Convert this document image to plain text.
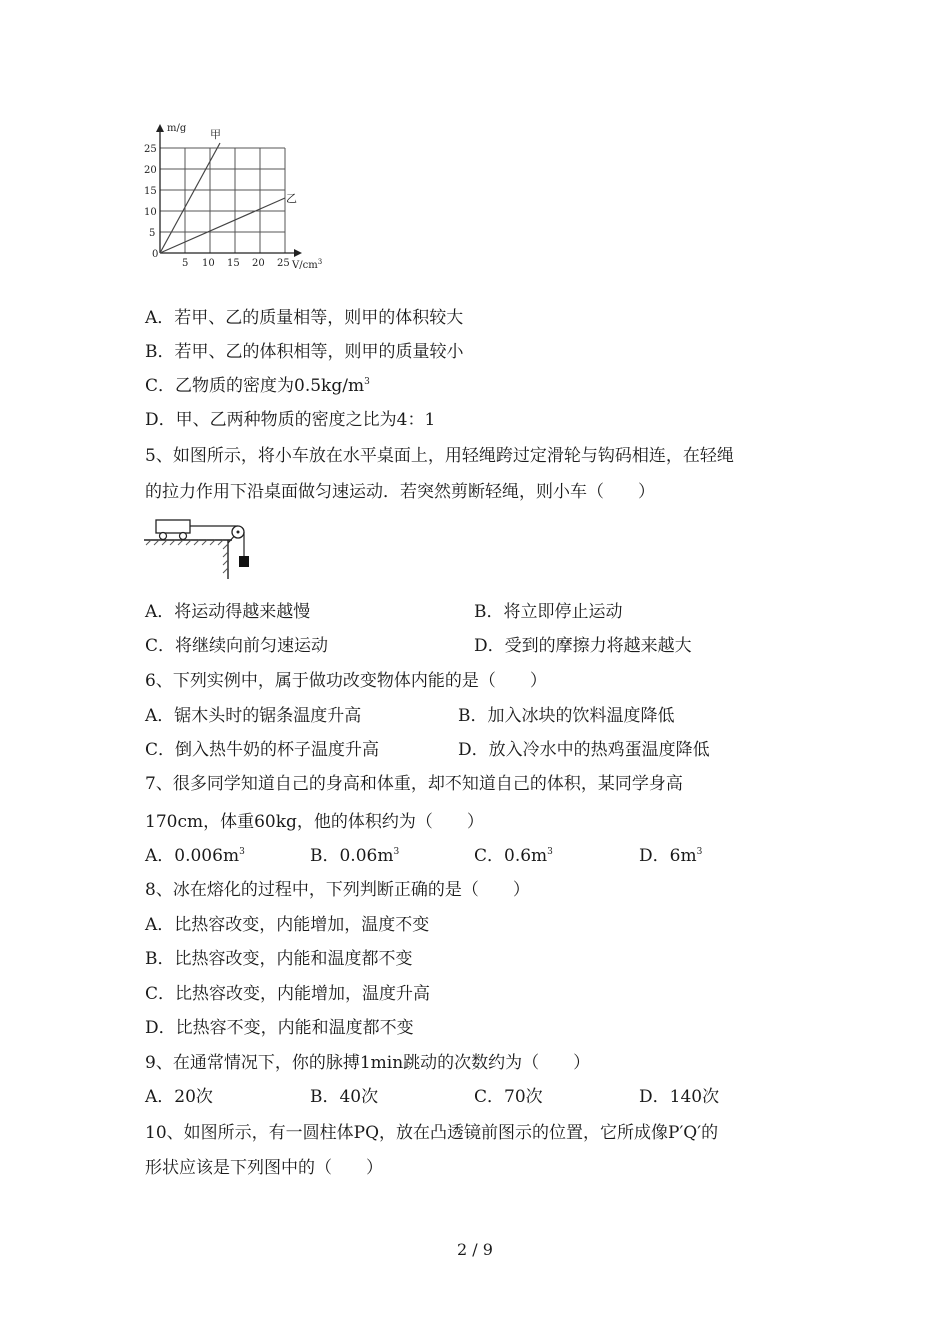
m/g 甲
乙
0
5
10
15
20
25
5 10 15 20 25 $V/cm^3$
A．若甲、乙的质量相等，则甲的体积较大
B．若甲、乙的体积相等，则甲的质量较小
C．乙物质的密度为$0.5kg/m^3$
D．甲、乙两种物质的密度之比为4：1
5、如图所示，将小车放在水平桌面上，用轻绳跨过定滑轮与钩码相连，在轻绳
的拉力作用下沿桌面做匀速运动．若突然剪断轻绳，则小车（　　）
A．将运动得越来越慢	B．将立即停止运动
C．将继续向前匀速运动	D．受到的摩擦力将越来越大
6、下列实例中，属于做功改变物体内能的是（　　）
A．锯木头时的锯条温度升高	B．加入冰块的饮料温度降低
C．倒入热牛奶的杯子温度升高	D．放入冷水中的热鸡蛋温度降低
7、很多同学知道自己的身高和体重，却不知道自己的体积，某同学身高
170cm，体重60kg，他的体积约为（　　）
A．$0.006m^3$	B．$0.06m^3$	C．$0.6m^3$	D．$6m^3$
8、冰在熔化的过程中，下列判断正确的是（　　）
A．比热容改变，内能增加，温度不变
B．比热容改变，内能和温度都不变
C．比热容改变，内能增加，温度升高
D．比热容不变，内能和温度都不变
9、在通常情况下，你的脉搏1min跳动的次数约为（　　）
A．20次	B．40次	C．70次	D．140次
10、如图所示，有一圆柱体PQ，放在凸透镜前图示的位置，它所成像P′Q′的
形状应该是下列图中的（　　）
2 / 9
